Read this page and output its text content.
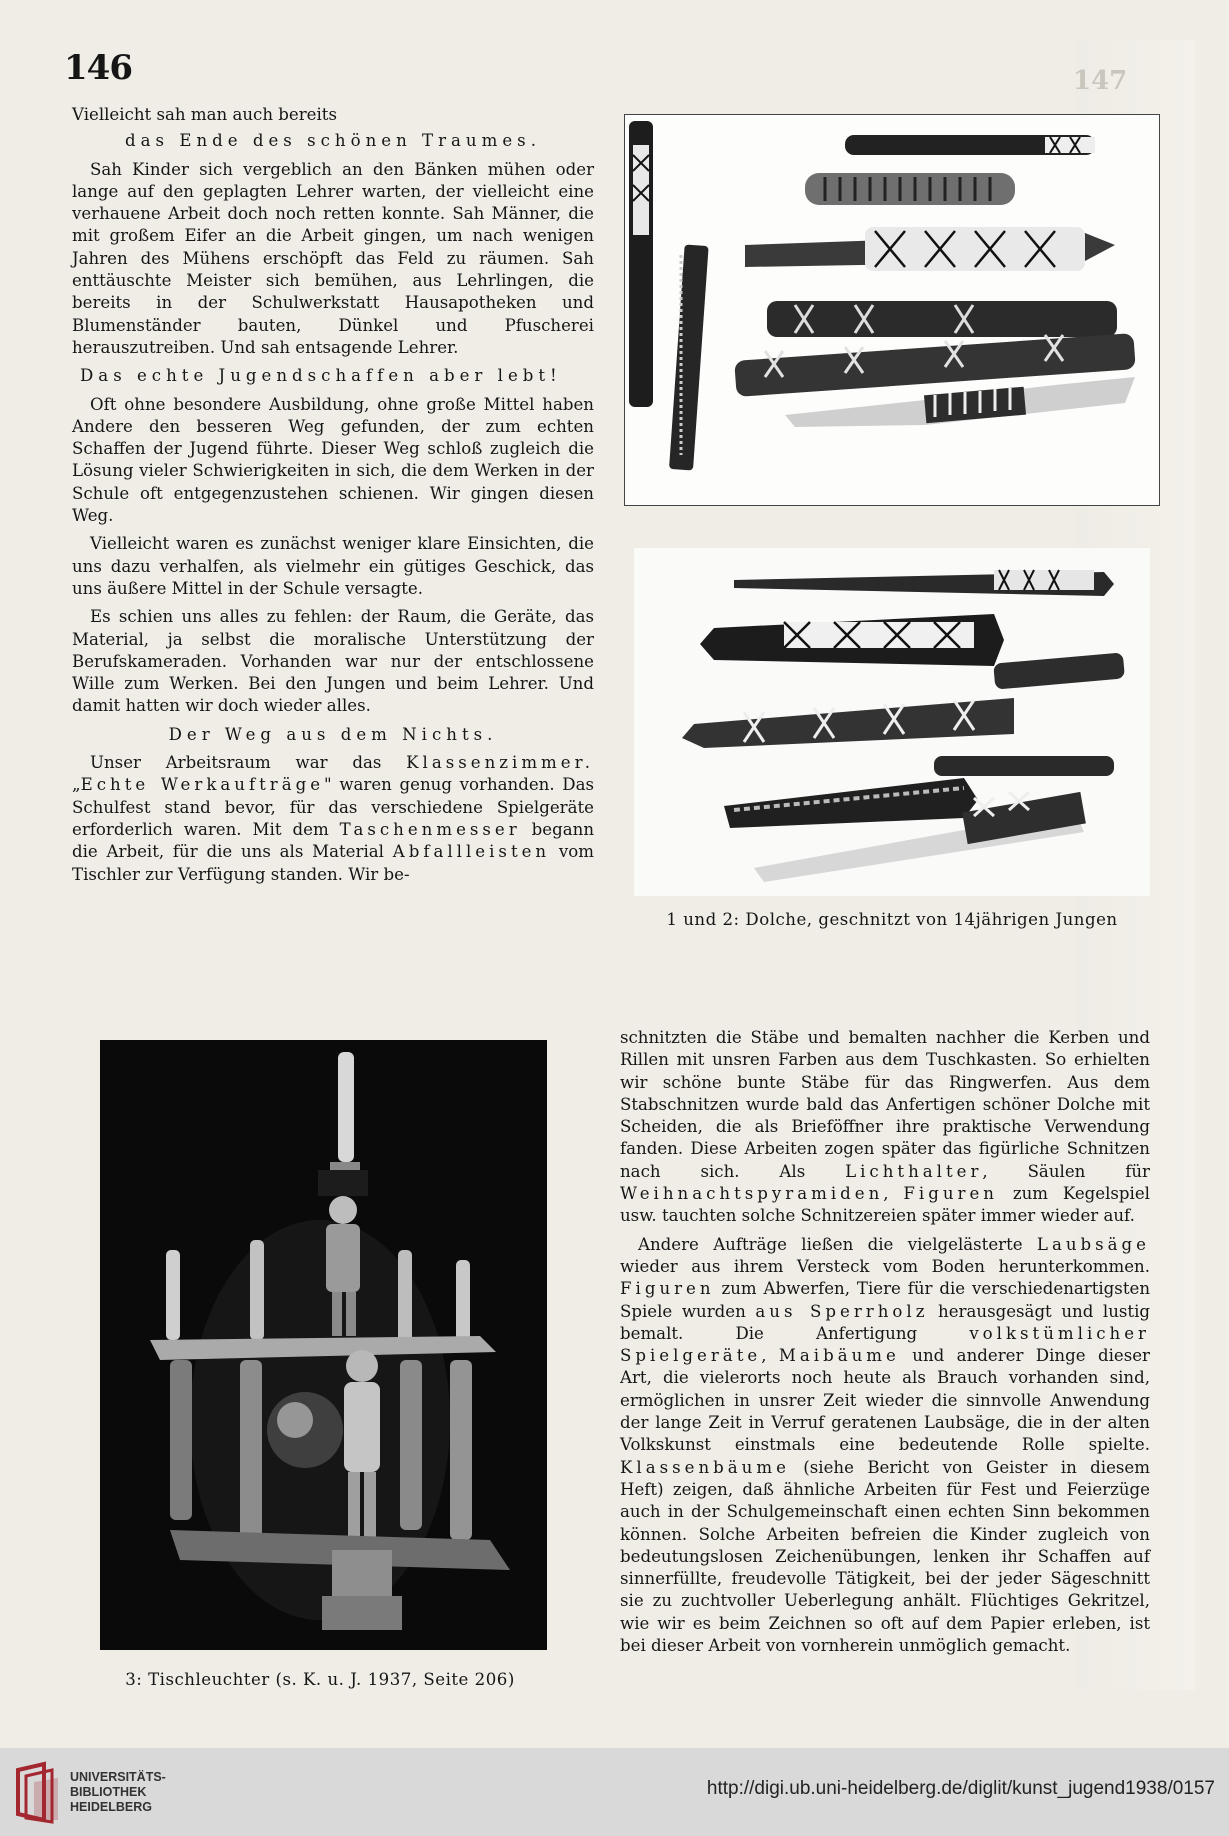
146	147

Vielleicht sah man auch bereits

das Ende des schönen Traumes.

Sah Kinder sich vergeblich an den Bänken mühen oder lange auf den geplagten Lehrer warten, der vielleicht eine verhauene Arbeit doch noch retten konnte. Sah Männer, die mit großem Eifer an die Arbeit gingen, um nach wenigen Jahren des Mühens erschöpft das Feld zu räumen. Sah enttäuschte Meister sich bemühen, aus Lehrlingen, die bereits in der Schulwerkstatt Hausapotheken und Blumenständer bauten, Dünkel und Pfuscherei herauszutreiben. Und sah entsagende Lehrer.

Das echte Jugendschaffen aber lebt!

Oft ohne besondere Ausbildung, ohne große Mittel haben Andere den besseren Weg gefunden, der zum echten Schaffen der Jugend führte. Dieser Weg schloß zugleich die Lösung vieler Schwierigkeiten in sich, die dem Werken in der Schule oft entgegenzustehen schienen. Wir gingen diesen Weg.

Vielleicht waren es zunächst weniger klare Einsichten, die uns dazu verhalfen, als vielmehr ein gütiges Geschick, das uns äußere Mittel in der Schule versagte.

Es schien uns alles zu fehlen: der Raum, die Geräte, das Material, ja selbst die moralische Unterstützung der Berufskameraden. Vorhanden war nur der entschlossene Wille zum Werken. Bei den Jungen und beim Lehrer. Und damit hatten wir doch wieder alles.

Der Weg aus dem Nichts.

Unser Arbeitsraum war das Klassenzimmer. „Echte Werkaufträge" waren genug vorhanden. Das Schulfest stand bevor, für das verschiedene Spielgeräte erforderlich waren. Mit dem Taschenmesser begann die Arbeit, für die uns als Material Abfallleisten vom Tischler zur Verfügung standen. Wir be-

1 und 2: Dolche, geschnitzt von 14jährigen Jungen
3: Tischleuchter (s. K. u. J. 1937, Seite 206)

schnitzten die Stäbe und bemalten nachher die Kerben und Rillen mit unsren Farben aus dem Tuschkasten. So erhielten wir schöne bunte Stäbe für das Ringwerfen. Aus dem Stabschnitzen wurde bald das Anfertigen schöner Dolche mit Scheiden, die als Brieföffner ihre praktische Verwendung fanden. Diese Arbeiten zogen später das figürliche Schnitzen nach sich. Als Lichthalter, Säulen für Weihnachtspyramiden, Figuren zum Kegelspiel usw. tauchten solche Schnitzereien später immer wieder auf.

Andere Aufträge ließen die vielgelästerte Laubsäge wieder aus ihrem Versteck vom Boden herunterkommen. Figuren zum Abwerfen, Tiere für die verschiedenartigsten Spiele wurden aus Sperrholz herausgesägt und lustig bemalt. Die Anfertigung volkstümlicher Spielgeräte, Maibäume und anderer Dinge dieser Art, die vielerorts noch heute als Brauch vorhanden sind, ermöglichen in unsrer Zeit wieder die sinnvolle Anwendung der lange Zeit in Verruf geratenen Laubsäge, die in der alten Volkskunst einstmals eine bedeutende Rolle spielte. Klassenbäume (siehe Bericht von Geister in diesem Heft) zeigen, daß ähnliche Arbeiten für Fest und Feierzüge auch in der Schulgemeinschaft einen echten Sinn bekommen können. Solche Arbeiten befreien die Kinder zugleich von bedeutungslosen Zeichenübungen, lenken ihr Schaffen auf sinnerfüllte, freudevolle Tätigkeit, bei der jeder Sägeschnitt sie zu zuchtvoller Ueberlegung anhält. Flüchtiges Gekritzel, wie wir es beim Zeichnen so oft auf dem Papier erleben, ist bei dieser Arbeit von vornherein unmöglich gemacht.

UNIVERSITÄTS-
BIBLIOTHEK
HEIDELBERG
http://digi.ub.uni-heidelberg.de/diglit/kunst_jugend1938/0157
